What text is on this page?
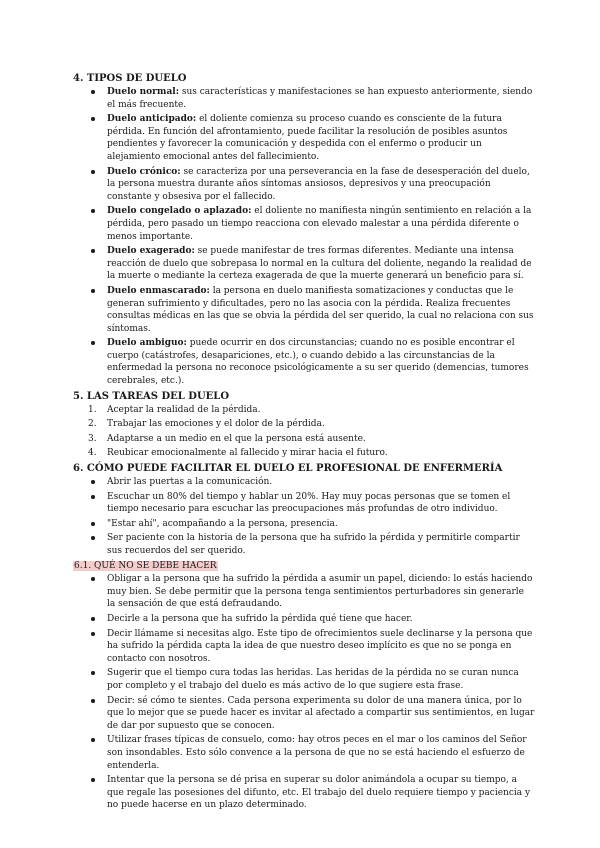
4. TIPOS DE DUELO
Duelo normal: sus características y manifestaciones se han expuesto anteriormente, siendo el más frecuente.
Duelo anticipado: el doliente comienza su proceso cuando es consciente de la futura pérdida. En función del afrontamiento, puede facilitar la resolución de posibles asuntos pendientes y favorecer la comunicación y despedida con el enfermo o producir un alejamiento emocional antes del fallecimiento.
Duelo crónico: se caracteriza por una perseverancia en la fase de desesperación del duelo, la persona muestra durante años síntomas ansiosos, depresivos y una preocupación constante y obsesiva por el fallecido.
Duelo congelado o aplazado: el doliente no manifiesta ningún sentimiento en relación a la pérdida, pero pasado un tiempo reacciona con elevado malestar a una pérdida diferente o menos importante.
Duelo exagerado: se puede manifestar de tres formas diferentes. Mediante una intensa reacción de duelo que sobrepasa lo normal en la cultura del doliente, negando la realidad de la muerte o mediante la certeza exagerada de que la muerte generará un beneficio para sí.
Duelo enmascarado: la persona en duelo manifiesta somatizaciones y conductas que le generan sufrimiento y dificultades, pero no las asocia con la pérdida. Realiza frecuentes consultas médicas en las que se obvia la pérdida del ser querido, la cual no relaciona con sus síntomas.
Duelo ambiguo: puede ocurrir en dos circunstancias; cuando no es posible encontrar el cuerpo (catástrofes, desapariciones, etc.), o cuando debido a las circunstancias de la enfermedad la persona no reconoce psicológicamente a su ser querido (demencias, tumores cerebrales, etc.).
5. LAS TAREAS DEL DUELO
1. Aceptar la realidad de la pérdida.
2. Trabajar las emociones y el dolor de la pérdida.
3. Adaptarse a un medio en el que la persona está ausente.
4. Reubicar emocionalmente al fallecido y mirar hacia el futuro.
6. CÓMO PUEDE FACILITAR EL DUELO EL PROFESIONAL DE ENFERMERÍA
Abrir las puertas a la comunicación.
Escuchar un 80% del tiempo y hablar un 20%. Hay muy pocas personas que se tomen el tiempo necesario para escuchar las preocupaciones más profundas de otro individuo.
"Estar ahí", acompañando a la persona, presencia.
Ser paciente con la historia de la persona que ha sufrido la pérdida y permitirle compartir sus recuerdos del ser querido.
6.1. QUÉ NO SE DEBE HACER
Obligar a la persona que ha sufrido la pérdida a asumir un papel, diciendo: lo estás haciendo muy bien. Se debe permitir que la persona tenga sentimientos perturbadores sin generarle la sensación de que está defraudando.
Decirle a la persona que ha sufrido la pérdida qué tiene que hacer.
Decir llámame si necesitas algo. Este tipo de ofrecimientos suele declinarse y la persona que ha sufrido la pérdida capta la idea de que nuestro deseo implícito es que no se ponga en contacto con nosotros.
Sugerir que el tiempo cura todas las heridas. Las heridas de la pérdida no se curan nunca por completo y el trabajo del duelo es más activo de lo que sugiere esta frase.
Decir: sé cómo te sientes. Cada persona experimenta su dolor de una manera única, por lo que lo mejor que se puede hacer es invitar al afectado a compartir sus sentimientos, en lugar de dar por supuesto que se conocen.
Utilizar frases típicas de consuelo, como: hay otros peces en el mar o los caminos del Señor son insondables. Esto sólo convence a la persona de que no se está haciendo el esfuerzo de entenderla.
Intentar que la persona se dé prisa en superar su dolor animándola a ocupar su tiempo, a que regale las posesiones del difunto, etc. El trabajo del duelo requiere tiempo y paciencia y no puede hacerse en un plazo determinado.
